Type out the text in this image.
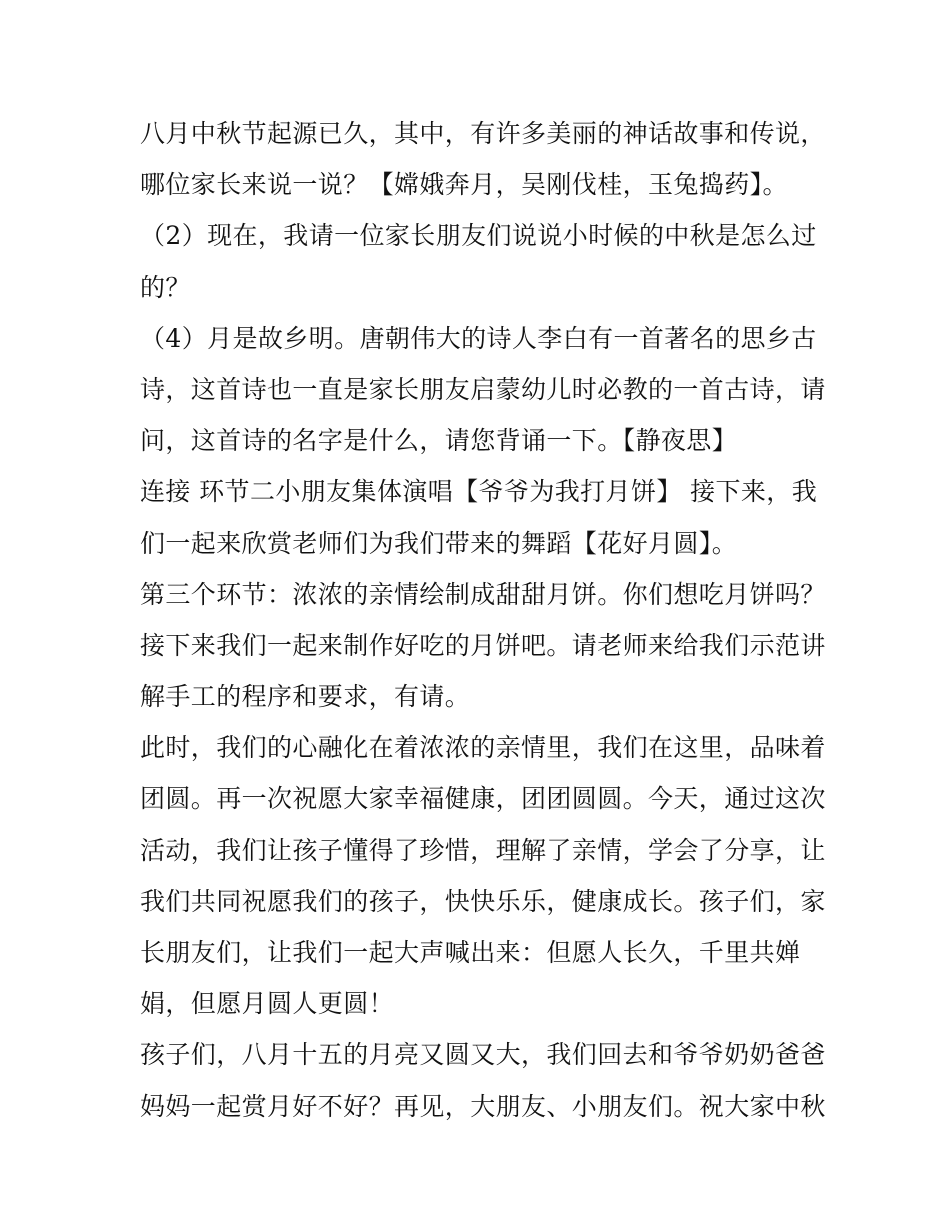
八月中秋节起源已久，其中，有许多美丽的神话故事和传说，
哪位家长来说一说？【嫦娥奔月，吴刚伐桂，玉兔捣药】。
（2）现在，我请一位家长朋友们说说小时候的中秋是怎么过
的？
（4）月是故乡明。唐朝伟大的诗人李白有一首著名的思乡古
诗，这首诗也一直是家长朋友启蒙幼儿时必教的一首古诗，请
问，这首诗的名字是什么，请您背诵一下。【静夜思】
连接 环节二小朋友集体演唱【爷爷为我打月饼】 接下来，我
们一起来欣赏老师们为我们带来的舞蹈【花好月圆】。
第三个环节：浓浓的亲情绘制成甜甜月饼。你们想吃月饼吗？
接下来我们一起来制作好吃的月饼吧。请老师来给我们示范讲
解手工的程序和要求，有请。
此时，我们的心融化在着浓浓的亲情里，我们在这里，品味着
团圆。再一次祝愿大家幸福健康，团团圆圆。今天，通过这次
活动，我们让孩子懂得了珍惜，理解了亲情，学会了分享，让
我们共同祝愿我们的孩子，快快乐乐，健康成长。孩子们，家
长朋友们，让我们一起大声喊出来：但愿人长久，千里共婵
娟，但愿月圆人更圆！
孩子们，八月十五的月亮又圆又大，我们回去和爷爷奶奶爸爸
妈妈一起赏月好不好？再见，大朋友、小朋友们。祝大家中秋
